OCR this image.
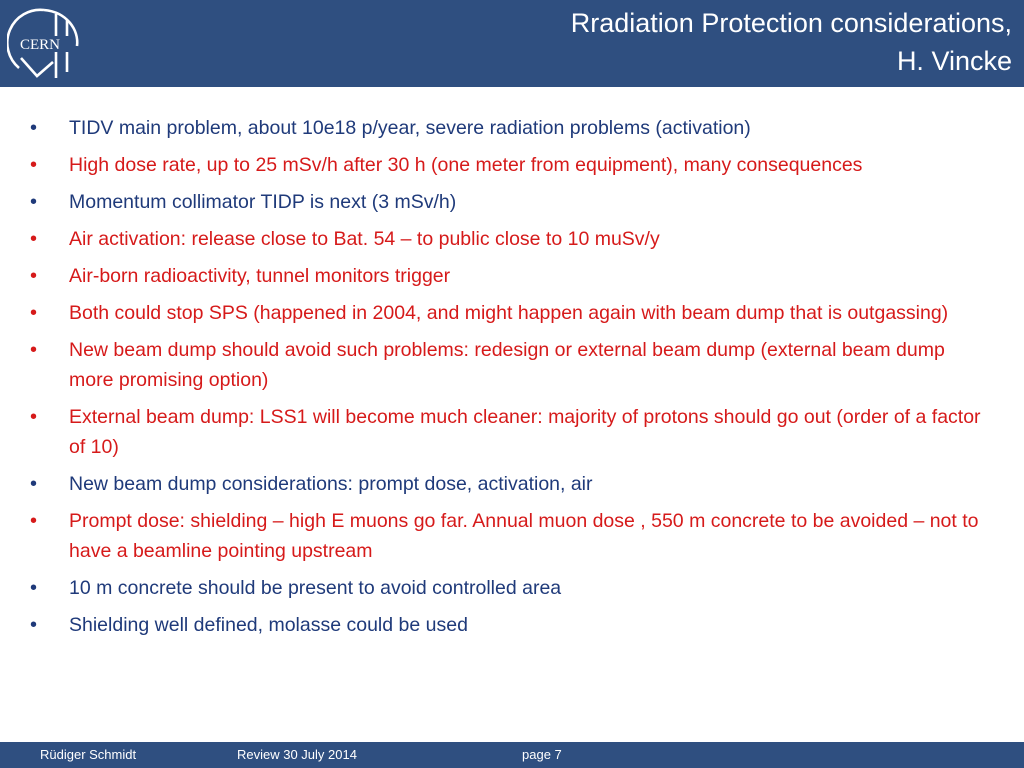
CERN
Rradiation Protection considerations,
H. Vincke
• TIDV main problem, about 10e18 p/year, severe radiation problems (activation)
• High dose rate, up to 25 mSv/h after 30 h (one meter from equipment), many consequences
• Momentum collimator TIDP is next (3 mSv/h)
• Air activation: release close to Bat. 54 – to public close to 10 muSv/y
• Air-born radioactivity, tunnel monitors trigger
• Both could stop SPS (happened in 2004, and might happen again with beam dump that is outgassing)
• New beam dump should avoid such problems: redesign or external beam dump (external beam dump more promising option)
• External beam dump: LSS1 will become much cleaner: majority of protons should go out (order of a factor of 10)
• New beam dump considerations: prompt dose, activation, air
• Prompt dose: shielding – high E muons go far. Annual muon dose , 550 m concrete to be avoided – not to have a beamline pointing upstream
• 10 m concrete should be present to avoid controlled area
• Shielding well defined, molasse could be used
Rüdiger Schmidt	Review 30 July 2014	page 7
